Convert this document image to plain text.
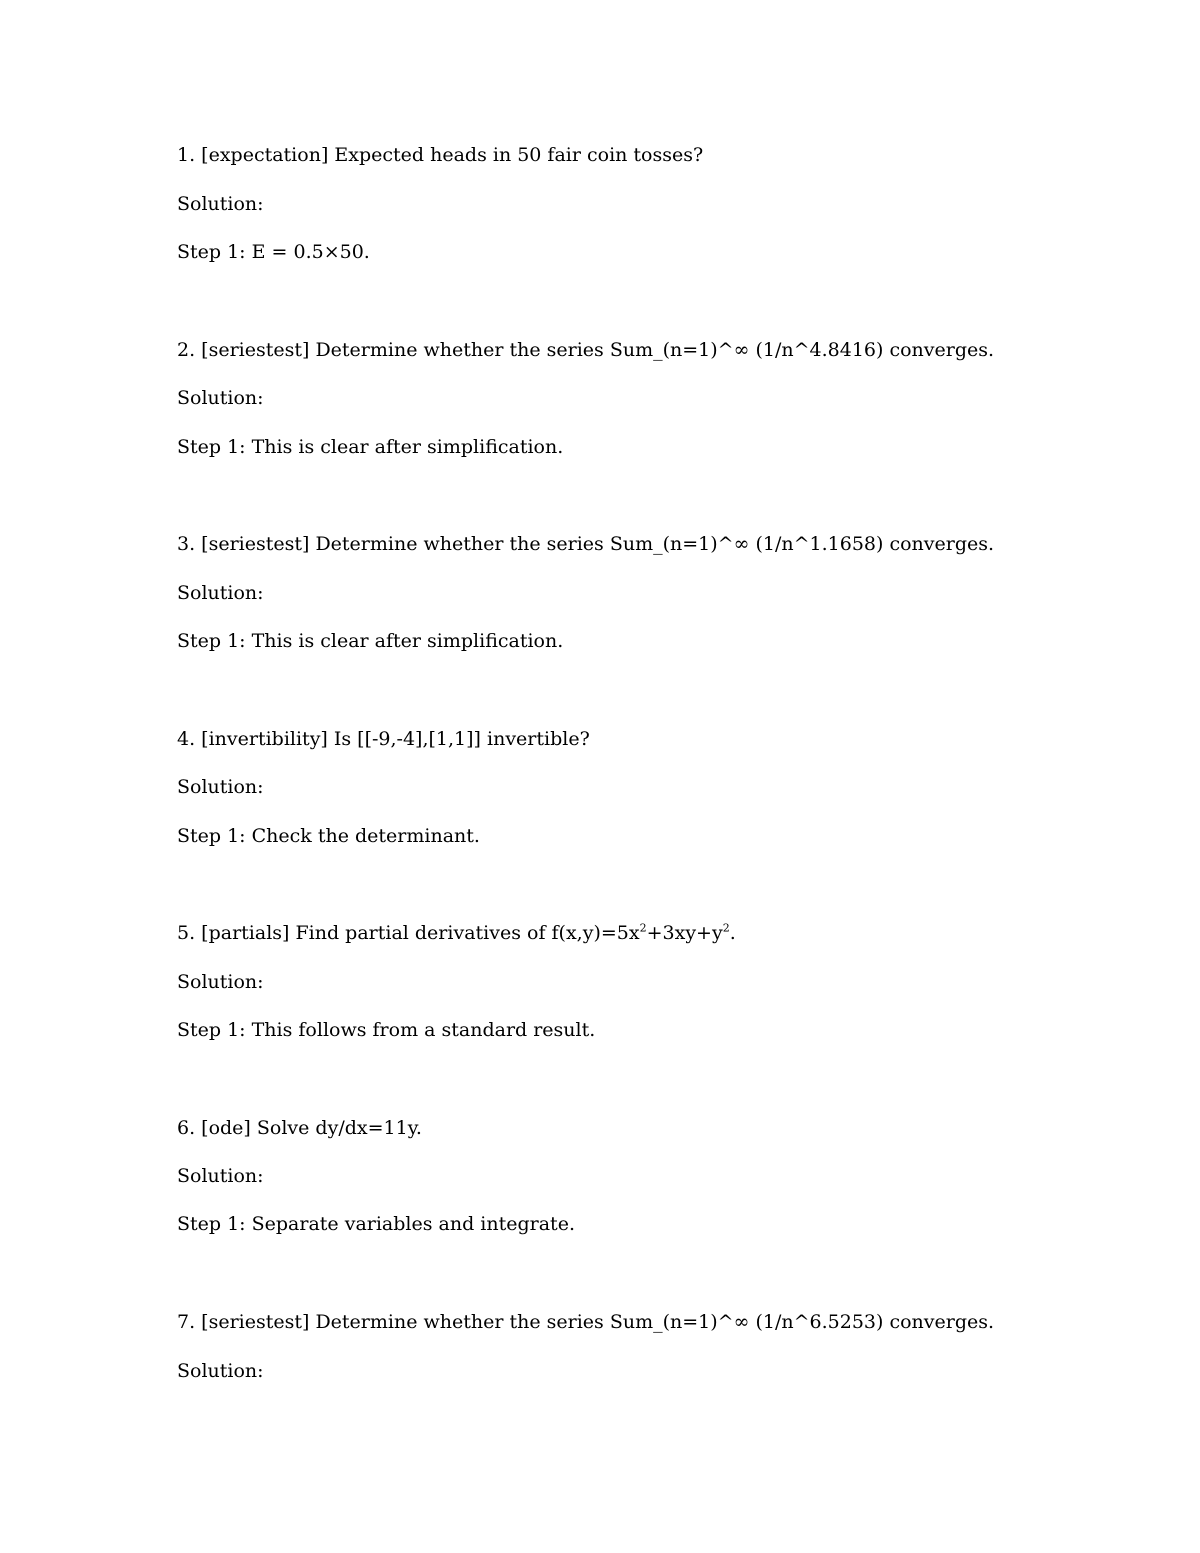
1. [expectation] Expected heads in 50 fair coin tosses?
Solution:
Step 1: E = 0.5×50.
2. [seriestest] Determine whether the series Sum_(n=1)^∞ (1/n^4.8416) converges.
Solution:
Step 1: This is clear after simplification.
3. [seriestest] Determine whether the series Sum_(n=1)^∞ (1/n^1.1658) converges.
Solution:
Step 1: This is clear after simplification.
4. [invertibility] Is [[-9,-4],[1,1]] invertible?
Solution:
Step 1: Check the determinant.
5. [partials] Find partial derivatives of $f(x,y)=5x^2+3xy+y^2$.
Solution:
Step 1: This follows from a standard result.
6. [ode] Solve dy/dx=11y.
Solution:
Step 1: Separate variables and integrate.
7. [seriestest] Determine whether the series Sum_(n=1)^∞ (1/n^6.5253) converges.
Solution:
